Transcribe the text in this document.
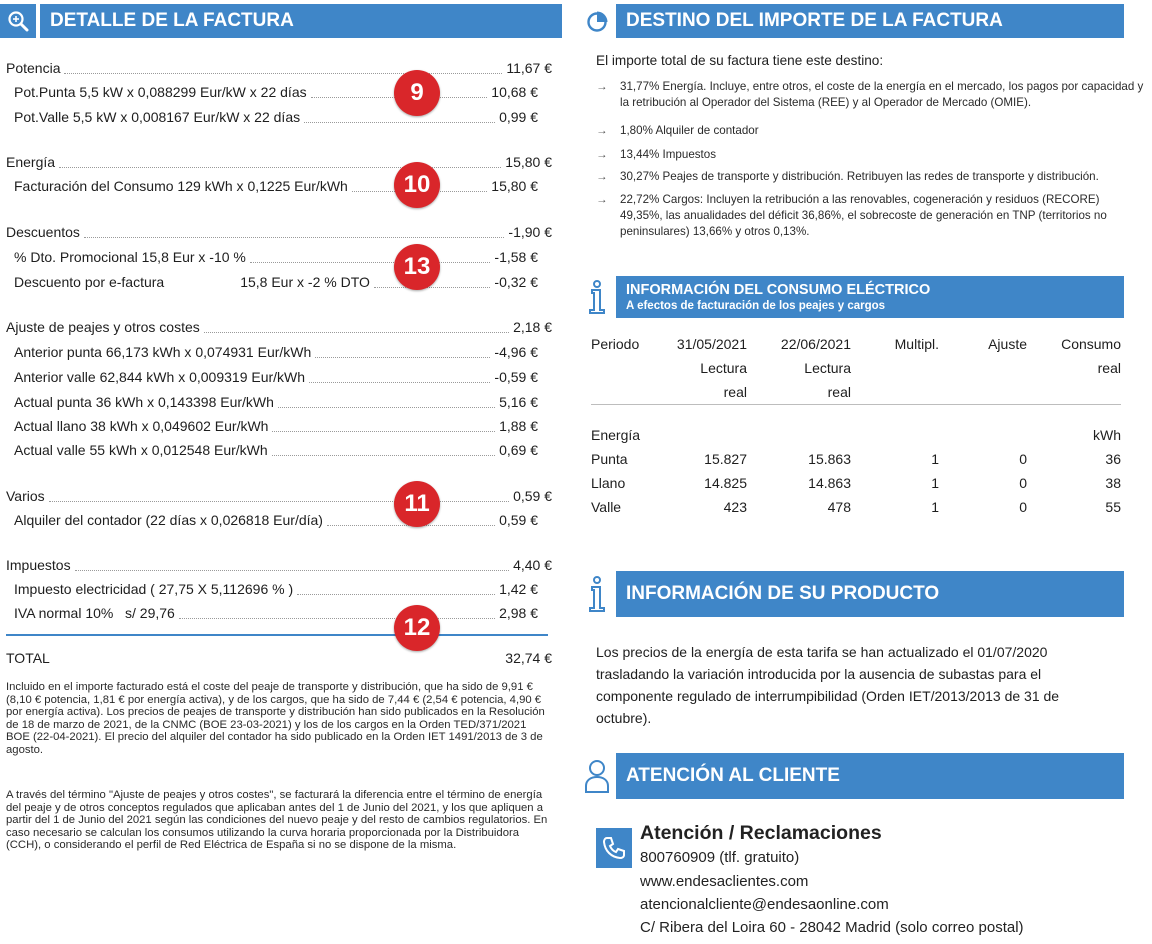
DETALLE DE LA FACTURA
Potencia	11,67 €
Pot.Punta 5,5 kW x 0,088299 Eur/kW x 22 días	10,68 €
Pot.Valle 5,5 kW x 0,008167 Eur/kW x 22 días	0,99 €
9
Energía	15,80 €
Facturación del Consumo 129 kWh x 0,1225 Eur/kWh	15,80 €
10
Descuentos	-1,90 €
% Dto. Promocional 15,8 Eur x -10 %	-1,58 €
Descuento por e-factura	15,8 Eur x -2 % DTO	-0,32 €
13
Ajuste de peajes y otros costes	2,18 €
Anterior punta 66,173 kWh x 0,074931 Eur/kWh	-4,96 €
Anterior valle 62,844 kWh x 0,009319 Eur/kWh	-0,59 €
Actual punta 36 kWh x 0,143398 Eur/kWh	5,16 €
Actual llano 38 kWh x 0,049602 Eur/kWh	1,88 €
Actual valle 55 kWh x 0,012548 Eur/kWh	0,69 €
Varios	0,59 €
Alquiler del contador (22 días x 0,026818 Eur/día)	0,59 €
11
Impuestos	4,40 €
Impuesto electricidad ( 27,75 X 5,112696 % )	1,42 €
IVA normal 10%   s/ 29,76	2,98 €
12
TOTAL	32,74 €
Incluido en el importe facturado está el coste del peaje de transporte y distribución, que ha sido de 9,91 € (8,10 € potencia, 1,81 € por energía activa), y de los cargos, que ha sido de 7,44 € (2,54 € potencia, 4,90 € por energía activa). Los precios de peajes de transporte y distribución han sido publicados en la Resolución de 18 de marzo de 2021, de la CNMC (BOE 23-03-2021) y los de los cargos en la Orden TED/371/2021 BOE (22-04-2021). El precio del alquiler del contador ha sido publicado en la Orden IET 1491/2013 de 3 de agosto.
A través del término "Ajuste de peajes y otros costes", se facturará la diferencia entre el término de energía del peaje y de otros conceptos regulados que aplicaban antes del 1 de Junio del 2021, y los que apliquen a partir del 1 de Junio del 2021 según las condiciones del nuevo peaje y del resto de cambios regulatorios. En caso necesario se calculan los consumos utilizando la curva horaria proporcionada por la Distribuidora (CCH), o considerando el perfil de Red Eléctrica de España si no se dispone de la misma.
DESTINO DEL IMPORTE DE LA FACTURA
El importe total de su factura tiene este destino:
→	31,77% Energía. Incluye, entre otros, el coste de la energía en el mercado, los pagos por capacidad y la retribución al Operador del Sistema (REE) y al Operador de Mercado (OMIE).
→	1,80% Alquiler de contador
→	13,44% Impuestos
→	30,27% Peajes de transporte y distribución. Retribuyen las redes de transporte y distribución.
→	22,72% Cargos: Incluyen la retribución a las renovables, cogeneración y residuos (RECORE) 49,35%, las anualidades del déficit 36,86%, el sobrecoste de generación en TNP (territorios no peninsulares) 13,66% y otros 0,13%.
INFORMACIÓN DEL CONSUMO ELÉCTRICO
A efectos de facturación de los peajes y cargos
Periodo	31/05/2021	22/06/2021	Multipl.	Ajuste	Consumo
	Lectura	Lectura			real
	real	real			

Energía					kWh
Punta	15.827	15.863	1	0	36
Llano	14.825	14.863	1	0	38
Valle	423	478	1	0	55
INFORMACIÓN DE SU PRODUCTO
Los precios de la energía de esta tarifa se han actualizado el 01/07/2020 trasladando la variación introducida por la ausencia de subastas para el componente regulado de interrumpibilidad (Orden IET/2013/2013 de 31 de octubre).
ATENCIÓN AL CLIENTE
Atención / Reclamaciones
800760909 (tlf. gratuito)
www.endesaclientes.com
atencionalcliente@endesaonline.com
C/ Ribera del Loira 60 - 28042 Madrid (solo correo postal)
